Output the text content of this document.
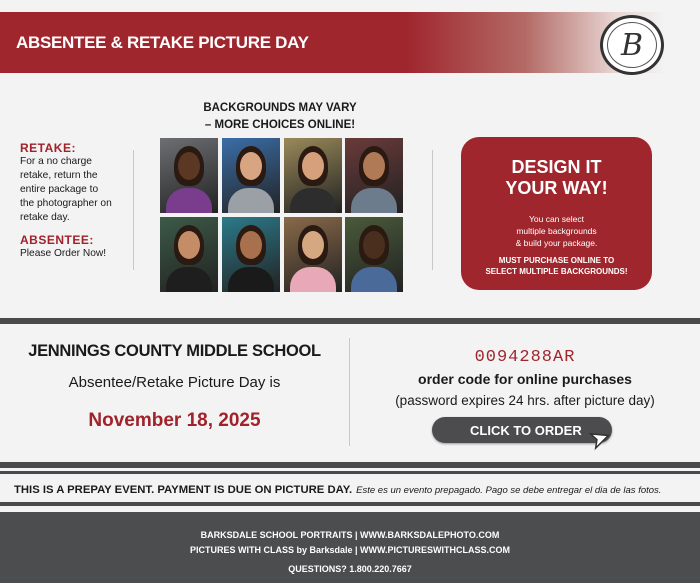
ABSENTEE & RETAKE PICTURE DAY	B
BACKGROUNDS MAY VARY
– MORE CHOICES ONLINE!
RETAKE:
For a no charge retake, return the entire package to the photographer on retake day.
ABSENTEE:
Please Order Now!
DESIGN IT
YOUR WAY!
You can select
multiple backgrounds
& build your package.
MUST PURCHASE ONLINE TO
SELECT MULTIPLE BACKGROUNDS!
JENNINGS COUNTY MIDDLE SCHOOL
Absentee/Retake Picture Day is
November 18, 2025
0094288AR
order code for online purchases
(password expires 24 hrs. after picture day)
CLICK TO ORDER ➤
THIS IS A PREPAY EVENT. PAYMENT IS DUE ON PICTURE DAY. Este es un evento prepagado. Pago se debe entregar el dia de las fotos.
BARKSDALE SCHOOL PORTRAITS | WWW.BARKSDALEPHOTO.COM
PICTURES WITH CLASS by Barksdale | WWW.PICTURESWITHCLASS.COM
QUESTIONS? 1.800.220.7667
